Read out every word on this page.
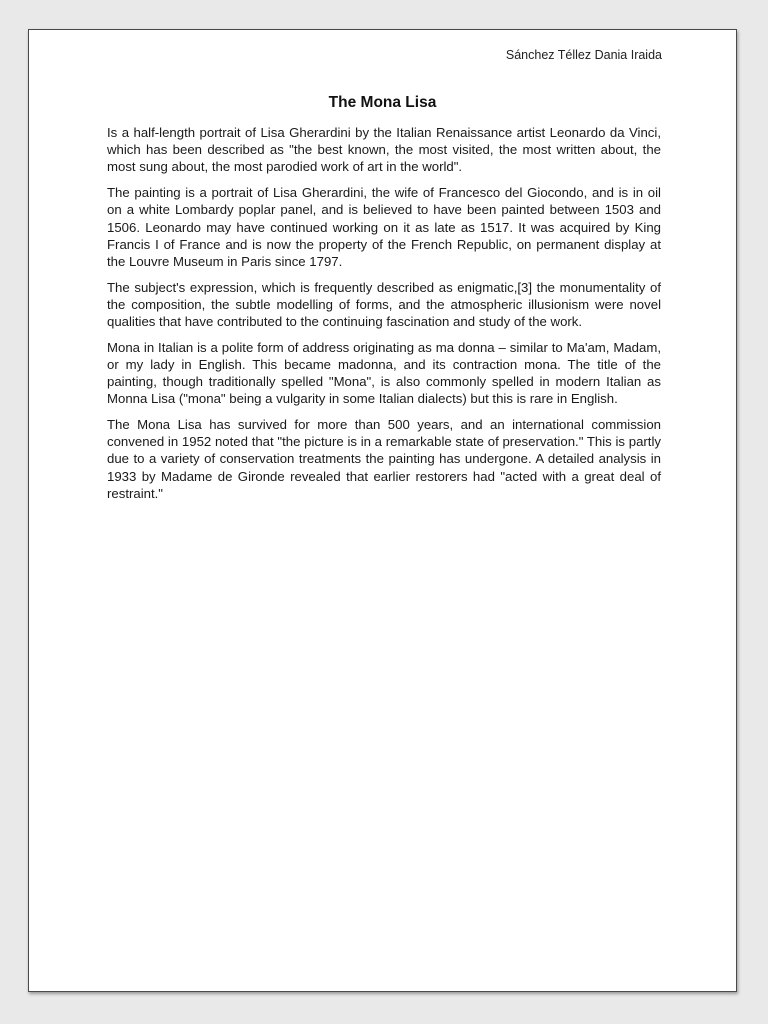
Sánchez Téllez Dania Iraida
The Mona Lisa

Is a half-length portrait of Lisa Gherardini by the Italian Renaissance artist Leonardo da Vinci, which has been described as "the best known, the most visited, the most written about, the most sung about, the most parodied work of art in the world".

The painting is a portrait of Lisa Gherardini, the wife of Francesco del Giocondo, and is in oil on a white Lombardy poplar panel, and is believed to have been painted between 1503 and 1506. Leonardo may have continued working on it as late as 1517. It was acquired by King Francis I of France and is now the property of the French Republic, on permanent display at the Louvre Museum in Paris since 1797.

The subject's expression, which is frequently described as enigmatic,[3] the monumentality of the composition, the subtle modelling of forms, and the atmospheric illusionism were novel qualities that have contributed to the continuing fascination and study of the work.

Mona in Italian is a polite form of address originating as ma donna – similar to Ma'am, Madam, or my lady in English. This became madonna, and its contraction mona. The title of the painting, though traditionally spelled "Mona", is also commonly spelled in modern Italian as Monna Lisa ("mona" being a vulgarity in some Italian dialects) but this is rare in English.

The Mona Lisa has survived for more than 500 years, and an international commission convened in 1952 noted that "the picture is in a remarkable state of preservation." This is partly due to a variety of conservation treatments the painting has undergone. A detailed analysis in 1933 by Madame de Gironde revealed that earlier restorers had "acted with a great deal of restraint."
